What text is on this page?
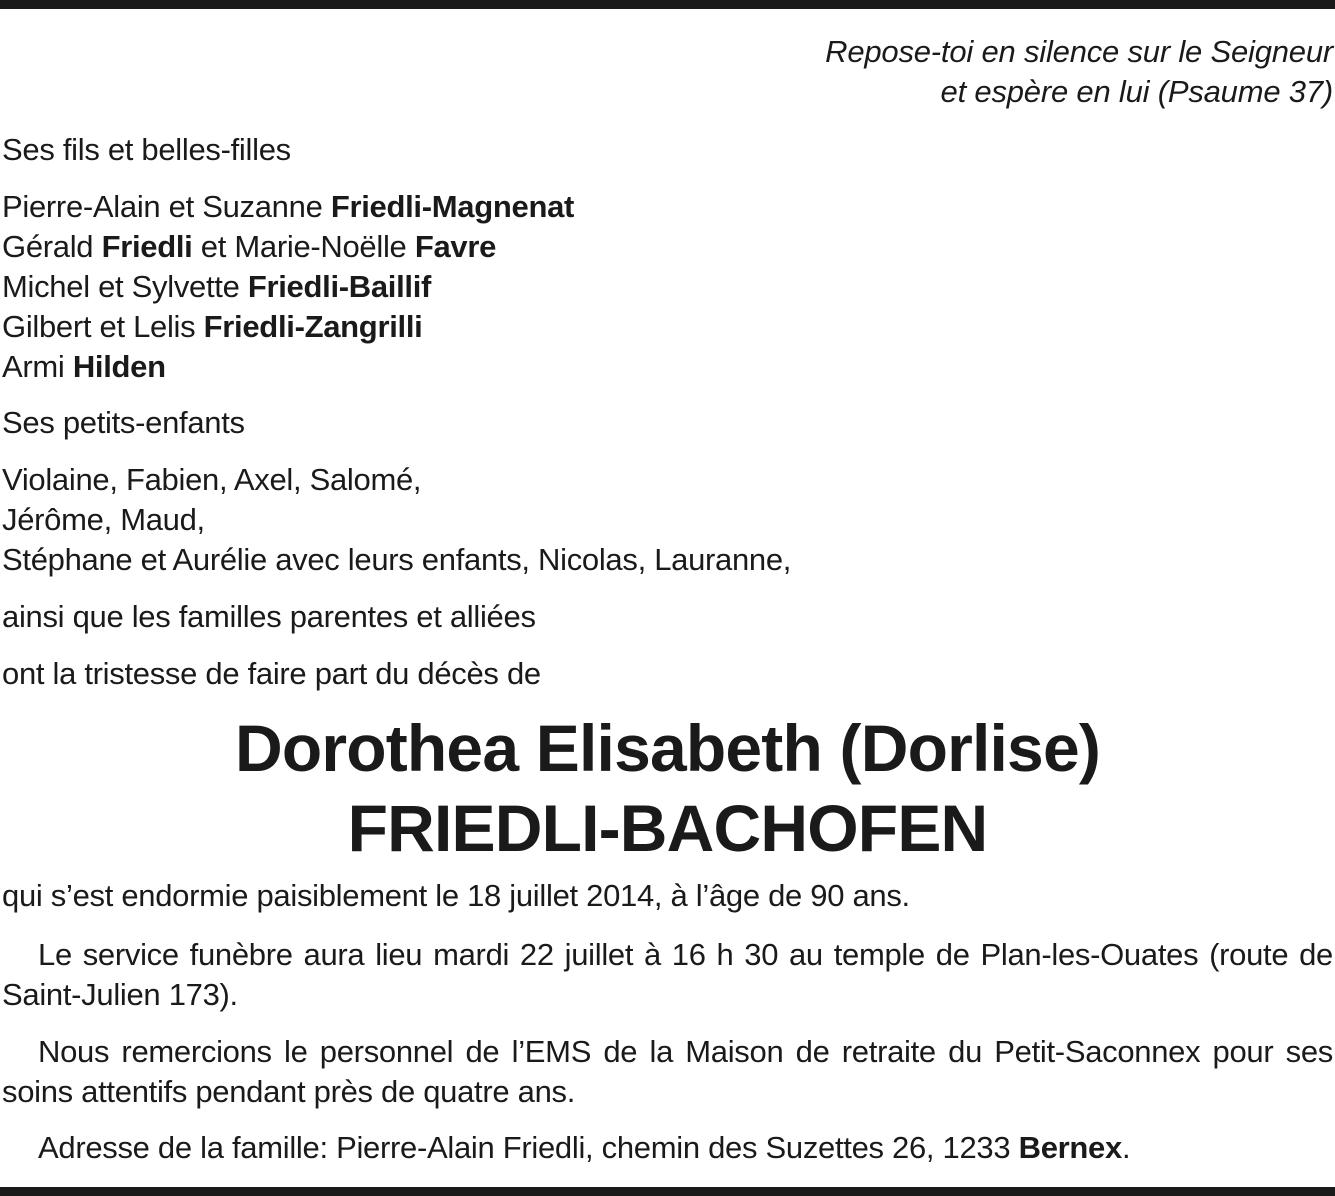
Repose-toi en silence sur le Seigneur
et espère en lui (Psaume 37)
Ses fils et belles-filles
Pierre-Alain et Suzanne Friedli-Magnenat
Gérald Friedli et Marie-Noëlle Favre
Michel et Sylvette Friedli-Baillif
Gilbert et Lelis Friedli-Zangrilli
Armi Hilden
Ses petits-enfants
Violaine, Fabien, Axel, Salomé,
Jérôme, Maud,
Stéphane et Aurélie avec leurs enfants, Nicolas, Lauranne,
ainsi que les familles parentes et alliées
ont la tristesse de faire part du décès de
Dorothea Elisabeth (Dorlise)
FRIEDLI-BACHOFEN
qui s’est endormie paisiblement le 18 juillet 2014, à l’âge de 90 ans.
Le service funèbre aura lieu mardi 22 juillet à 16 h 30 au temple de Plan-les-Ouates (route de Saint-Julien 173).
Nous remercions le personnel de l’EMS de la Maison de retraite du Petit-Saconnex pour ses soins attentifs pendant près de quatre ans.
Adresse de la famille: Pierre-Alain Friedli, chemin des Suzettes 26, 1233 Bernex.
